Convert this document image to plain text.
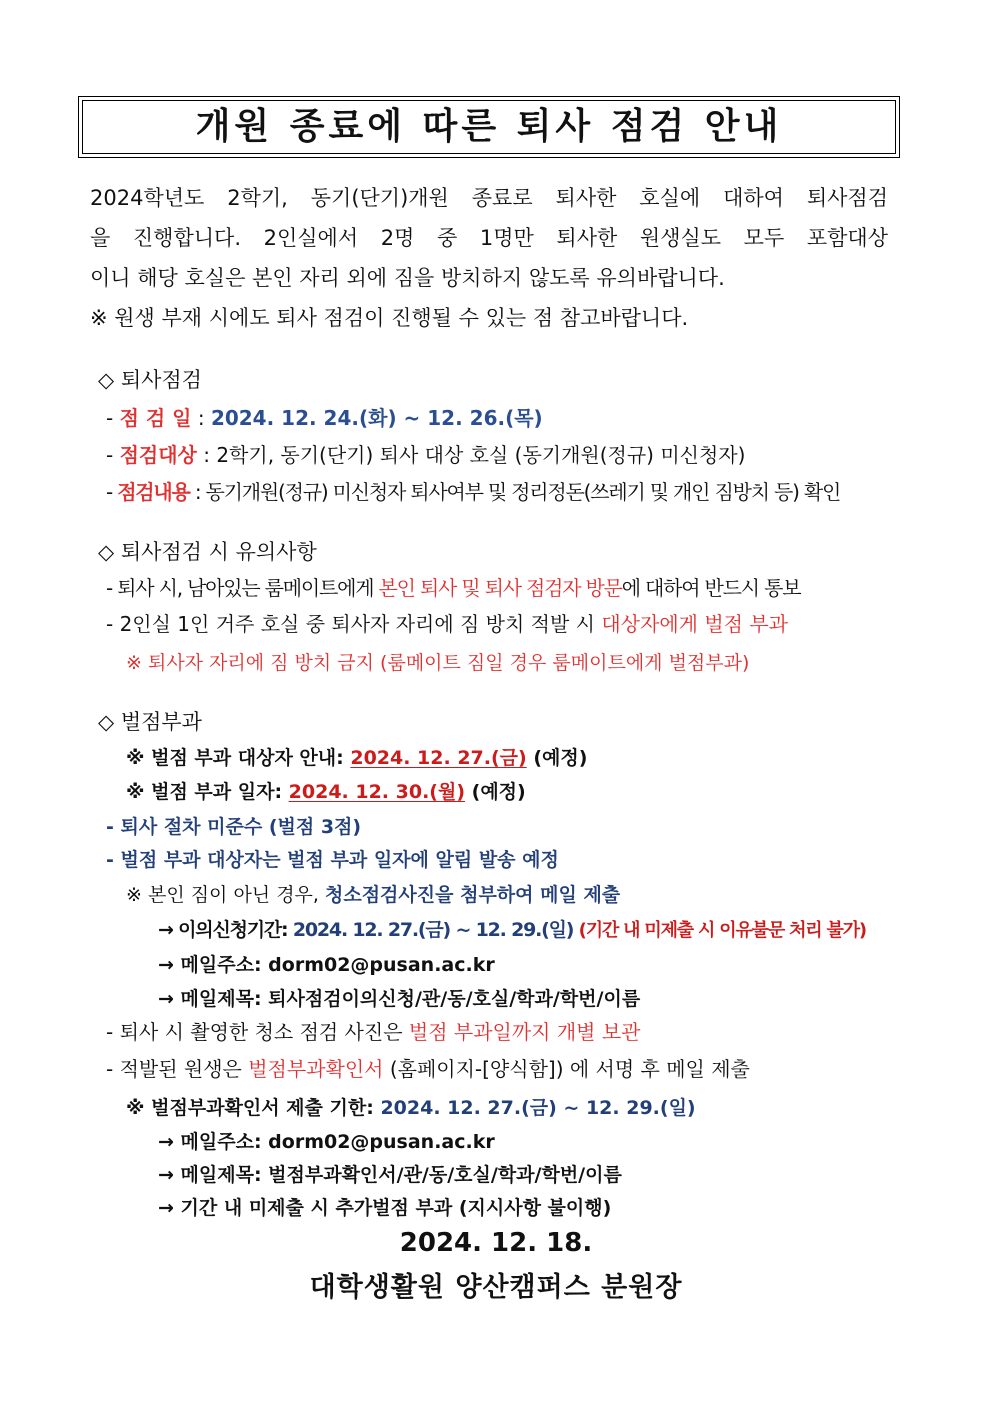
개원 종료에 따른 퇴사 점검 안내
2024학년도 2학기, 동기(단기)개원 종료로 퇴사한 호실에 대하여 퇴사점검
을 진행합니다. 2인실에서 2명 중 1명만 퇴사한 원생실도 모두 포함대상
이니 해당 호실은 본인 자리 외에 짐을 방치하지 않도록 유의바랍니다.
※ 원생 부재 시에도 퇴사 점검이 진행될 수 있는 점 참고바랍니다.
◇ 퇴사점검
- 점 검 일 : 2024. 12. 24.(화) ~ 12. 26.(목)
- 점검대상 : 2학기, 동기(단기) 퇴사 대상 호실 (동기개원(정규) 미신청자)
- 점검내용 : 동기개원(정규) 미신청자 퇴사여부 및 정리정돈(쓰레기 및 개인 짐방치 등) 확인
◇ 퇴사점검 시 유의사항
- 퇴사 시, 남아있는 룸메이트에게 본인 퇴사 및 퇴사 점검자 방문에 대하여 반드시 통보
- 2인실 1인 거주 호실 중 퇴사자 자리에 짐 방치 적발 시 대상자에게 벌점 부과
※ 퇴사자 자리에 짐 방치 금지 (룸메이트 짐일 경우 룸메이트에게 벌점부과)
◇ 벌점부과
※ 벌점 부과 대상자 안내: 2024. 12. 27.(금) (예정)
※ 벌점 부과 일자: 2024. 12. 30.(월) (예정)
- 퇴사 절차 미준수 (벌점 3점)
- 벌점 부과 대상자는 벌점 부과 일자에 알림 발송 예정
※ 본인 짐이 아닌 경우, 청소점검사진을 첨부하여 메일 제출
→ 이의신청기간: 2024. 12. 27.(금) ~ 12. 29.(일) (기간 내 미제출 시 이유불문 처리 불가)
→ 메일주소: dorm02@pusan.ac.kr
→ 메일제목: 퇴사점검이의신청/관/동/호실/학과/학번/이름
- 퇴사 시 촬영한 청소 점검 사진은 벌점 부과일까지 개별 보관
- 적발된 원생은 벌점부과확인서 (홈페이지-[양식함]) 에 서명 후 메일 제출
※ 벌점부과확인서 제출 기한: 2024. 12. 27.(금) ~ 12. 29.(일)
→ 메일주소: dorm02@pusan.ac.kr
→ 메일제목: 벌점부과확인서/관/동/호실/학과/학번/이름
→ 기간 내 미제출 시 추가벌점 부과 (지시사항 불이행)
2024. 12. 18.
대학생활원 양산캠퍼스 분원장
